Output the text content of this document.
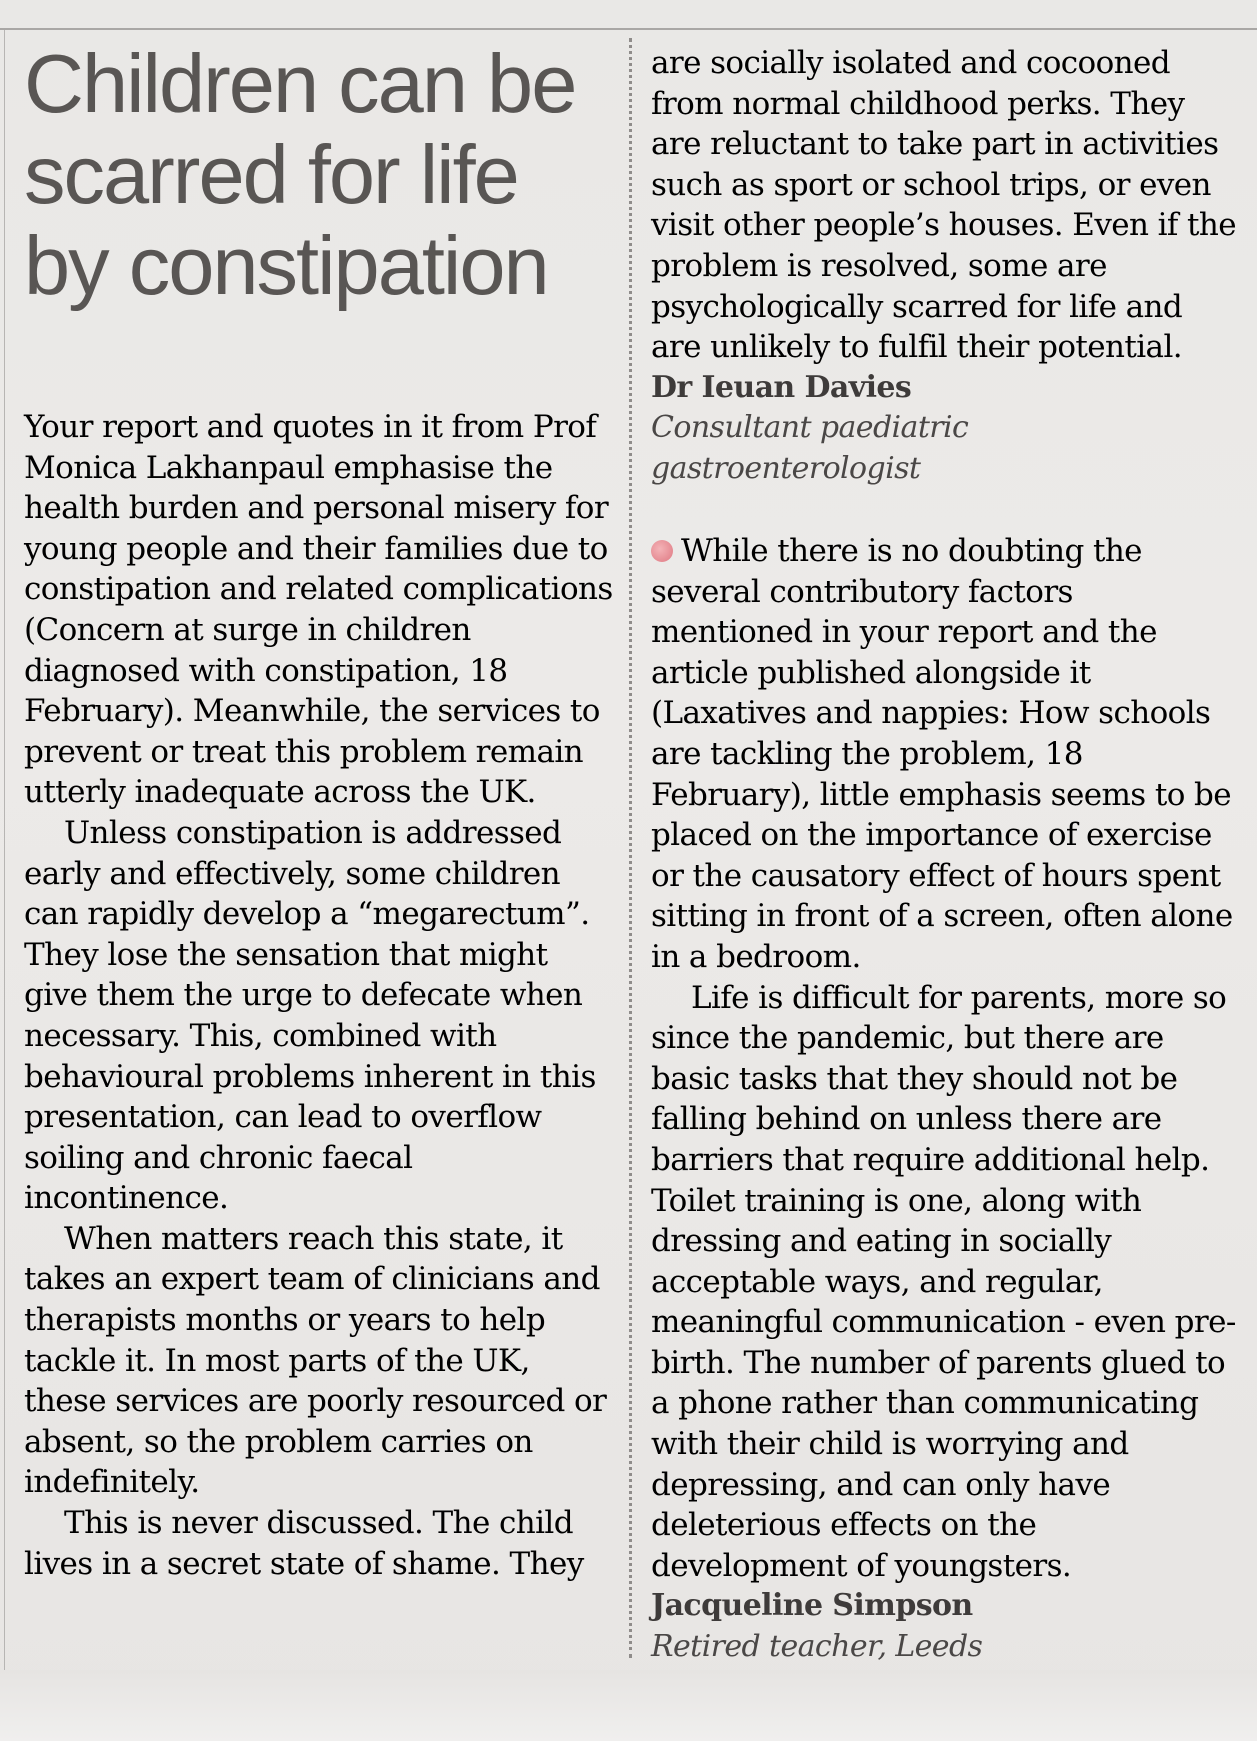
Children can be scarred for life by constipation

Your report and quotes in it from Prof Monica Lakhanpaul emphasise the health burden and personal misery for young people and their families due to constipation and related complications (Concern at surge in children diagnosed with constipation, 18 February). Meanwhile, the services to prevent or treat this problem remain utterly inadequate across the UK.

Unless constipation is addressed early and effectively, some children can rapidly develop a “megarectum”. They lose the sensation that might give them the urge to defecate when necessary. This, combined with behavioural problems inherent in this presentation, can lead to overflow soiling and chronic faecal incontinence.

When matters reach this state, it takes an expert team of clinicians and therapists months or years to help tackle it. In most parts of the UK, these services are poorly resourced or absent, so the problem carries on indefinitely.

This is never discussed. The child lives in a secret state of shame. They

are socially isolated and cocooned from normal childhood perks. They are reluctant to take part in activities such as sport or school trips, or even visit other people’s houses. Even if the problem is resolved, some are psychologically scarred for life and are unlikely to fulfil their potential.

Dr Ieuan Davies

Consultant paediatric

gastroenterologist

While there is no doubting the several contributory factors mentioned in your report and the article published alongside it (Laxatives and nappies: How schools are tackling the problem, 18 February), little emphasis seems to be placed on the importance of exercise or the causatory effect of hours spent sitting in front of a screen, often alone in a bedroom.

Life is difficult for parents, more so since the pandemic, but there are basic tasks that they should not be falling behind on unless there are barriers that require additional help. Toilet training is one, along with dressing and eating in socially acceptable ways, and regular, meaningful communication - even pre-birth. The number of parents glued to a phone rather than communicating with their child is worrying and depressing, and can only have deleterious effects on the development of youngsters.

Jacqueline Simpson

Retired teacher, Leeds
